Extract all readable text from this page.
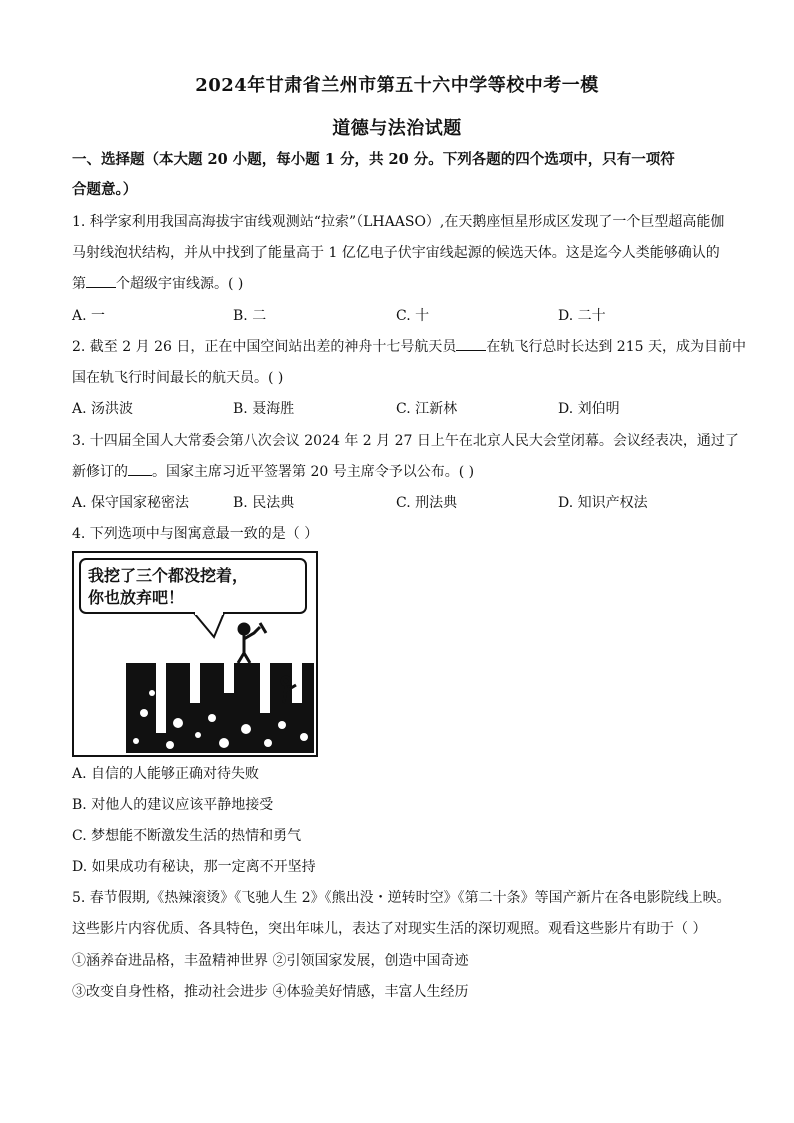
2024年甘肃省兰州市第五十六中学等校中考一模
道德与法治试题
一、选择题（本大题 20 小题，每小题 1 分，共 20 分。下列各题的四个选项中，只有一项符
合题意。）
1. 科学家利用我国高海拔宇宙线观测站“拉索”（LHAASO）,在天鹅座恒星形成区发现了一个巨型超高能伽
马射线泡状结构，并从中找到了能量高于 1 亿亿电子伏宇宙线起源的候选天体。这是迄今人类能够确认的
第 个超级宇宙线源。( )
A. 一	B. 二	C. 十	D. 二十
2. 截至 2 月 26 日，正在中国空间站出差的神舟十七号航天员 在轨飞行总时长达到 215 天，成为目前中
国在轨飞行时间最长的航天员。( )
A. 汤洪波	B. 聂海胜	C. 江新林	D. 刘伯明
3. 十四届全国人大常委会第八次会议 2024 年 2 月 27 日上午在北京人民大会堂闭幕。会议经表决，通过了
新修订的 。国家主席习近平签署第 20 号主席令予以公布。( )
A. 保守国家秘密法	B. 民法典	C. 刑法典	D. 知识产权法
4. 下列选项中与图寓意最一致的是（ ）
我挖了三个都没挖着，
你也放弃吧！
A. 自信的人能够正确对待失败
B. 对他人的建议应该平静地接受
C. 梦想能不断激发生活的热情和勇气
D. 如果成功有秘诀，那一定离不开坚持
5. 春节假期,《热辣滚烫》《飞驰人生 2》《熊出没・逆转时空》《第二十条》等国产新片在各电影院线上映。
这些影片内容优质、各具特色，突出年味儿，表达了对现实生活的深切观照。观看这些影片有助于（ ）
①涵养奋进品格，丰盈精神世界 ②引领国家发展，创造中国奇迹
③改变自身性格，推动社会进步 ④体验美好情感，丰富人生经历
